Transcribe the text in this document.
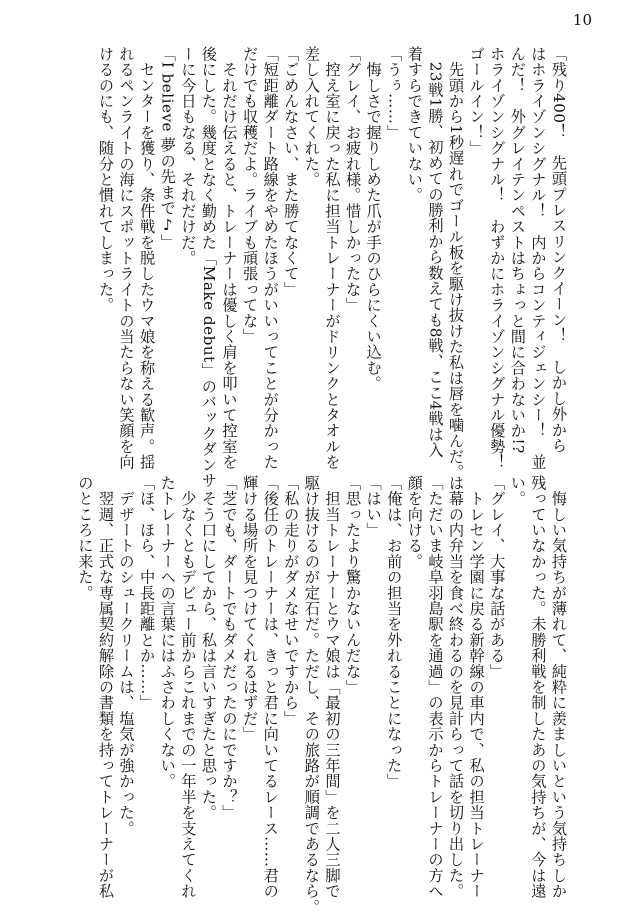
10
「残り400！　先頭プレスリンクイーン！　しかし外から
はホライゾンシグナル！　内からコンティジェンシー！　並
んだ！　外グレイテンペストはちょっと間に合わないか!?
ホライゾンシグナル！　わずかにホライゾンシグナル優勢！
ゴールイン！」
　先頭から1秒遅れでゴール板を駆け抜けた私は唇を噛んだ。
　23戦1勝、初めての勝利から数えても8戦、ここ4戦は入
着すらできていない。
「うぅ……」
　悔しさで握りしめた爪が手のひらにくい込む。
「グレイ、お疲れ様。惜しかったな」
　控え室に戻った私に担当トレーナーがドリンクとタオルを
差し入れてくれた。
「ごめんなさい、また勝てなくて」
「短距離ダート路線をやめたほうがいいってことが分かった
だけでも収穫だよ。ライブも頑張ってな」
　それだけ伝えると、トレーナーは優しく肩を叩いて控室を
後にした。幾度となく勤めた「Make debut」のバックダンサ
ーに今日もなる、それだけだ。
「I believe 夢の先まで♪」
　センターを獲り、条件戦を脱したウマ娘を称える歓声。揺
れるペンライトの海にスポットライトの当たらない笑顔を向
けるのにも、随分と慣れてしまった。
　悔しい気持ちが薄れて、純粋に羨ましいという気持ちしか
残っていなかった。未勝利戦を制したあの気持ちが、今は遠
い。
「グレイ、大事な話がある」
　トレセン学園に戻る新幹線の車内で、私の担当トレーナー
は幕の内弁当を食べ終わるのを見計らって話を切り出した。
「ただいま岐阜羽島駅を通過」の表示からトレーナーの方へ
顔を向ける。
「俺は、お前の担当を外れることになった」
「はい」
「思ったより驚かないんだな」
　担当トレーナーとウマ娘は「最初の三年間」を二人三脚で
駆け抜けるのが定石だ。ただし、その旅路が順調であるなら。
「私の走りがダメなせいですから」
「後任のトレーナーは、きっと君に向いてるレース……君の
輝ける場所を見つけてくれるはずだ」
「芝でも、ダートでもダメだったのにですか？」
　そう口にしてから、私は言いすぎたと思った。
　少なくともデビュー前からこれまでの一年半を支えてくれ
たトレーナーへの言葉にはふさわしくない。
「ほ、ほら、中長距離とか……」
　デザートのシュークリームは、塩気が強かった。
　翌週、正式な専属契約解除の書類を持ってトレーナーが私
のところに来た。
